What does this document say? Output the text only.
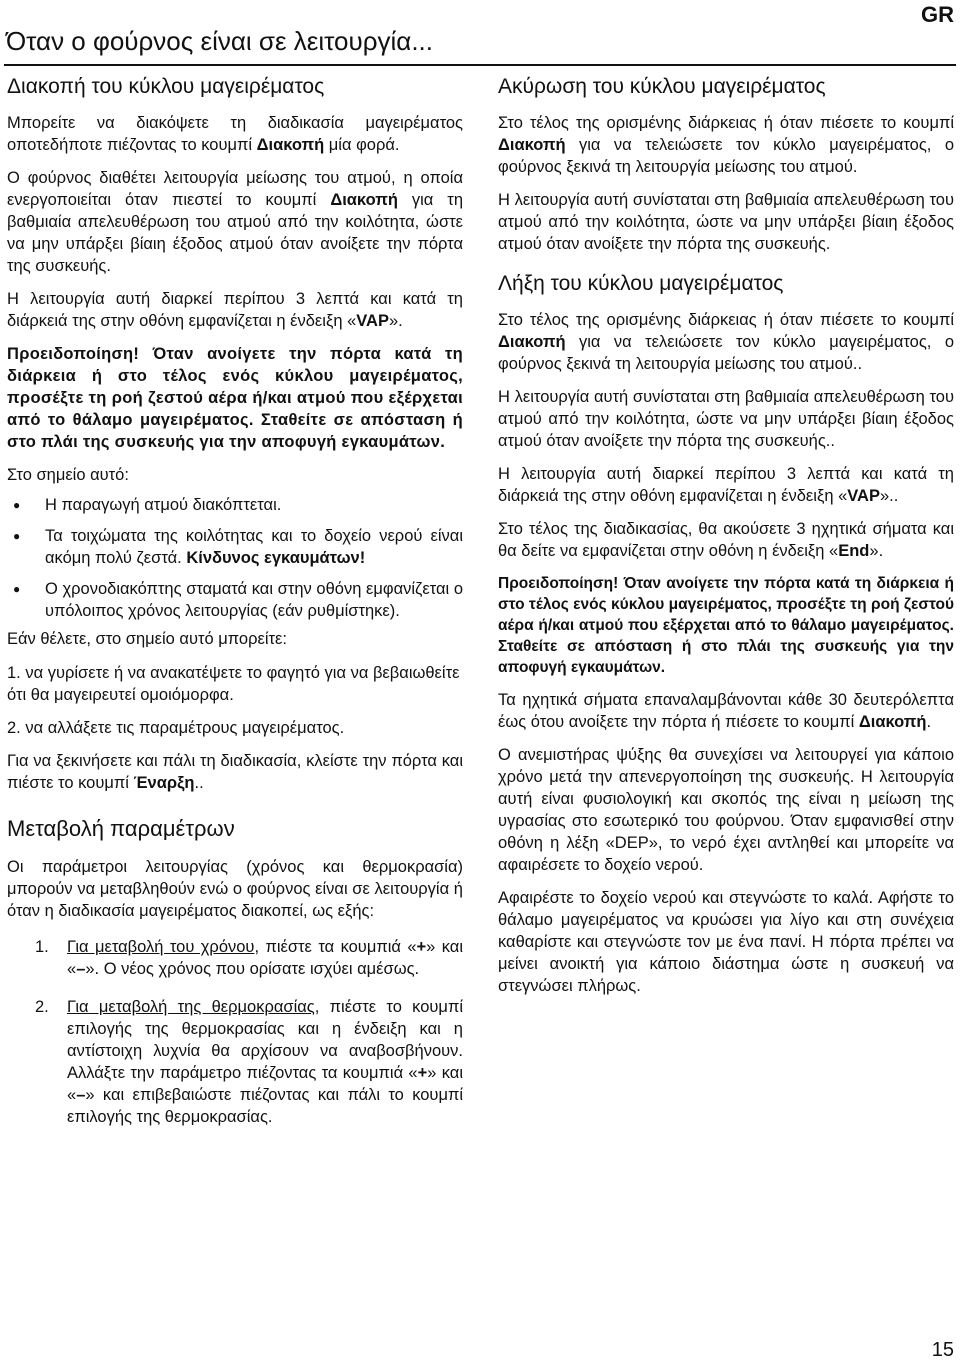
Όταν ο φούρνος είναι σε λειτουργία...
GR
Διακοπή του κύκλου μαγειρέματος

Μπορείτε να διακόψετε τη διαδικασία μαγειρέματος οποτεδήποτε πιέζοντας το κουμπί Διακοπή μία φορά.

Ο φούρνος διαθέτει λειτουργία μείωσης του ατμού, η οποία ενεργοποιείται όταν πιεστεί το κουμπί Διακοπή για τη βαθμιαία απελευθέρωση του ατμού από την κοιλότητα, ώστε να μην υπάρξει βίαιη έξοδος ατμού όταν ανοίξετε την πόρτα της συσκευής.

Η λειτουργία αυτή διαρκεί περίπου 3 λεπτά και κατά τη διάρκειά της στην οθόνη εμφανίζεται η ένδειξη «VAP».

Προειδοποίηση! Όταν ανοίγετε την πόρτα κατά τη διάρκεια ή στο τέλος ενός κύκλου μαγειρέματος, προσέξτε τη ροή ζεστού αέρα ή/και ατμού που εξέρχεται από το θάλαμο μαγειρέματος. Σταθείτε σε απόσταση ή στο πλάι της συσκευής για την αποφυγή εγκαυμάτων.

Στο σημείο αυτό:

● Η παραγωγή ατμού διακόπτεται.
● Τα τοιχώματα της κοιλότητας και το δοχείο νερού είναι ακόμη πολύ ζεστά. Κίνδυνος εγκαυμάτων!
● Ο χρονοδιακόπτης σταματά και στην οθόνη εμφανίζεται ο υπόλοιπος χρόνος λειτουργίας (εάν ρυθμίστηκε).

Εάν θέλετε, στο σημείο αυτό μπορείτε:

1. να γυρίσετε ή να ανακατέψετε το φαγητό για να βεβαιωθείτε ότι θα μαγειρευτεί ομοιόμορφα.
2. να αλλάξετε τις παραμέτρους μαγειρέματος.

Για να ξεκινήσετε και πάλι τη διαδικασία, κλείστε την πόρτα και πιέστε το κουμπί Έναρξη..

Μεταβολή παραμέτρων

Οι παράμετροι λειτουργίας (χρόνος και θερμοκρασία) μπορούν να μεταβληθούν ενώ ο φούρνος είναι σε λειτουργία ή όταν η διαδικασία μαγειρέματος διακοπεί, ως εξής:

1. Για μεταβολή του χρόνου, πιέστε τα κουμπιά «+» και «–». Ο νέος χρόνος που ορίσατε ισχύει αμέσως.
2. Για μεταβολή της θερμοκρασίας, πιέστε το κουμπί επιλογής της θερμοκρασίας και η ένδειξη και η αντίστοιχη λυχνία θα αρχίσουν να αναβοσβήνουν. Αλλάξτε την παράμετρο πιέζοντας τα κουμπιά «+» και «–» και επιβεβαιώστε πιέζοντας και πάλι το κουμπί επιλογής της θερμοκρασίας.
Ακύρωση του κύκλου μαγειρέματος

Στο τέλος της ορισμένης διάρκειας ή όταν πιέσετε το κουμπί Διακοπή για να τελειώσετε τον κύκλο μαγειρέματος, ο φούρνος ξεκινά τη λειτουργία μείωσης του ατμού.

Η λειτουργία αυτή συνίσταται στη βαθμιαία απελευθέρωση του ατμού από την κοιλότητα, ώστε να μην υπάρξει βίαιη έξοδος ατμού όταν ανοίξετε την πόρτα της συσκευής.

Λήξη του κύκλου μαγειρέματος

Στο τέλος της ορισμένης διάρκειας ή όταν πιέσετε το κουμπί Διακοπή για να τελειώσετε τον κύκλο μαγειρέματος, ο φούρνος ξεκινά τη λειτουργία μείωσης του ατμού..

Η λειτουργία αυτή συνίσταται στη βαθμιαία απελευθέρωση του ατμού από την κοιλότητα, ώστε να μην υπάρξει βίαιη έξοδος ατμού όταν ανοίξετε την πόρτα της συσκευής..

Η λειτουργία αυτή διαρκεί περίπου 3 λεπτά και κατά τη διάρκειά της στην οθόνη εμφανίζεται η ένδειξη «VAP»..

Στο τέλος της διαδικασίας, θα ακούσετε 3 ηχητικά σήματα και θα δείτε να εμφανίζεται στην οθόνη η ένδειξη «End».

Προειδοποίηση! Όταν ανοίγετε την πόρτα κατά τη διάρκεια ή στο τέλος ενός κύκλου μαγειρέματος, προσέξτε τη ροή ζεστού αέρα ή/και ατμού που εξέρχεται από το θάλαμο μαγειρέματος. Σταθείτε σε απόσταση ή στο πλάι της συσκευής για την αποφυγή εγκαυμάτων.

Τα ηχητικά σήματα επαναλαμβάνονται κάθε 30 δευτερόλεπτα έως ότου ανοίξετε την πόρτα ή πιέσετε το κουμπί Διακοπή.

Ο ανεμιστήρας ψύξης θα συνεχίσει να λειτουργεί για κάποιο χρόνο μετά την απενεργοποίηση της συσκευής. Η λειτουργία αυτή είναι φυσιολογική και σκοπός της είναι η μείωση της υγρασίας στο εσωτερικό του φούρνου. Όταν εμφανισθεί στην οθόνη η λέξη «DEP», το νερό έχει αντληθεί και μπορείτε να αφαιρέσετε το δοχείο νερού.

Αφαιρέστε το δοχείο νερού και στεγνώστε το καλά. Αφήστε το θάλαμο μαγειρέματος να κρυώσει για λίγο και στη συνέχεια καθαρίστε και στεγνώστε τον με ένα πανί. Η πόρτα πρέπει να μείνει ανοικτή για κάποιο διάστημα ώστε η συσκευή να στεγνώσει πλήρως.

15
